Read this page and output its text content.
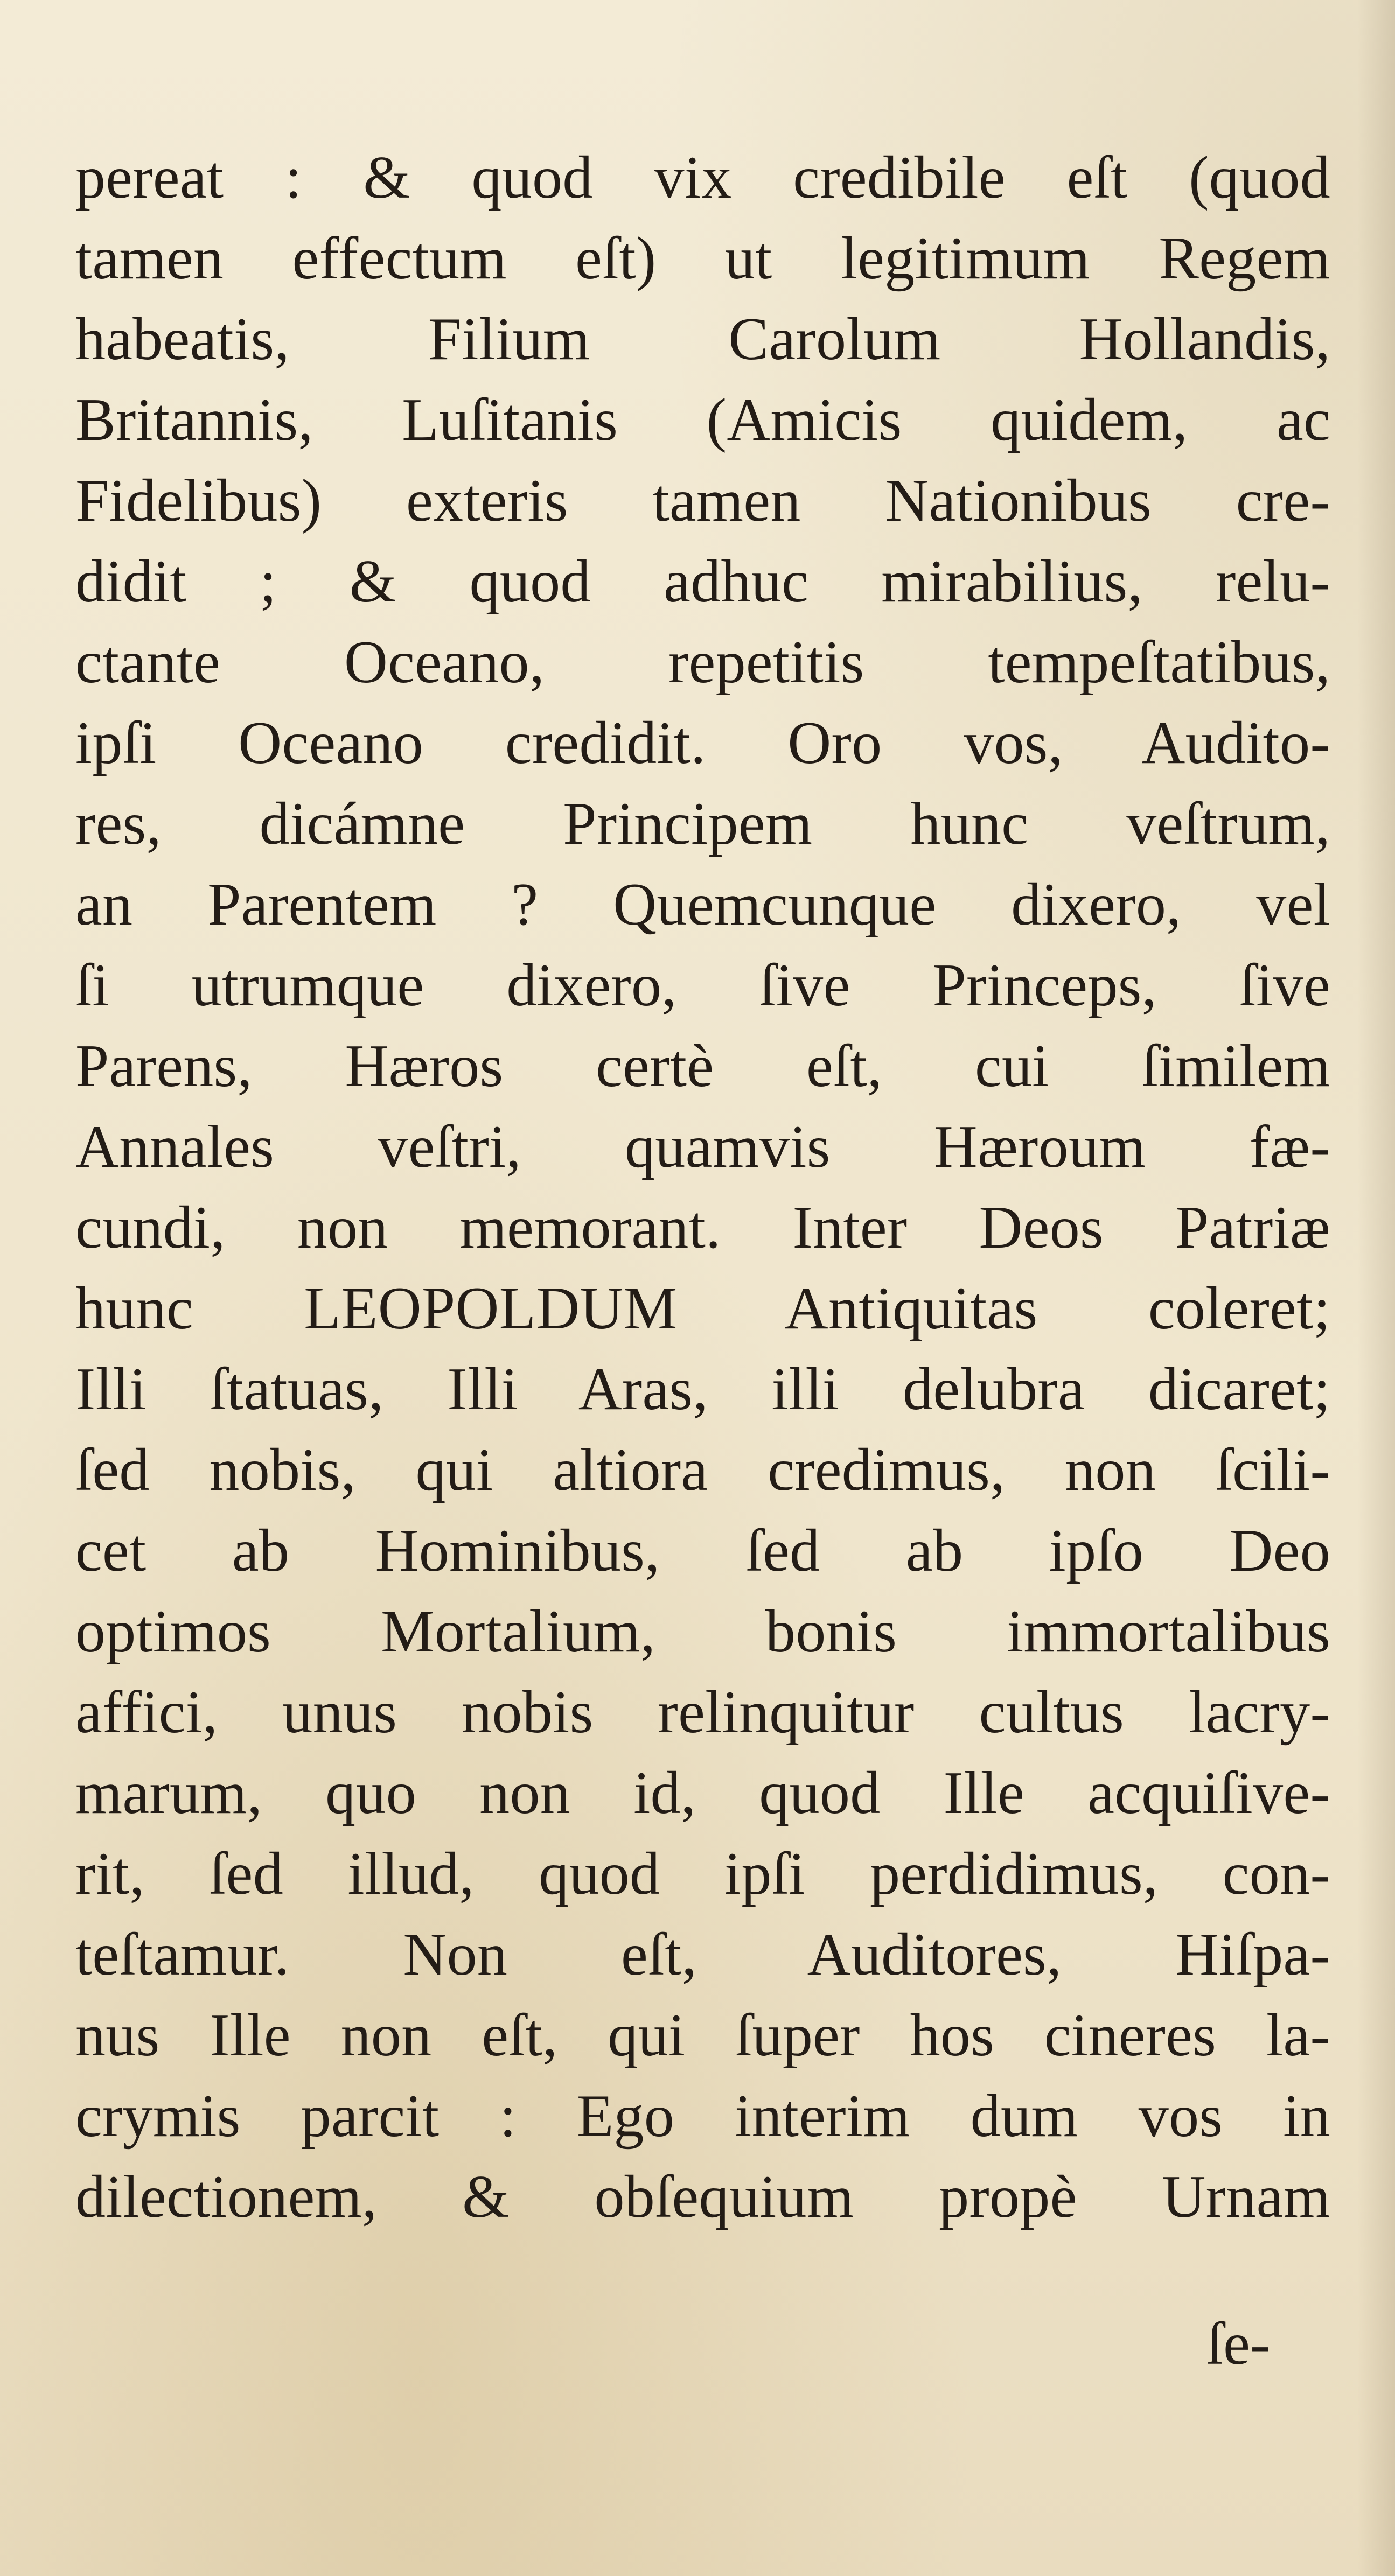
pereat : & quod vix credibile eſt (quod
tamen effectum eſt) ut legitimum Regem
habeatis, Filium Carolum Hollandis,
Britannis, Luſitanis (Amicis quidem, ac
Fidelibus) exteris tamen Nationibus cre-
didit ; & quod adhuc mirabilius, relu-
ctante Oceano, repetitis tempeſtatibus,
ipſi Oceano credidit. Oro vos, Audito-
res, dicámne Principem hunc veſtrum,
an Parentem ? Quemcunque dixero, vel
ſi utrumque dixero, ſive Princeps, ſive
Parens, Hæros certè eſt, cui ſimilem
Annales veſtri, quamvis Hæroum fæ-
cundi, non memorant. Inter Deos Patriæ
hunc LEOPOLDUM Antiquitas coleret;
Illi ſtatuas, Illi Aras, illi delubra dicaret;
ſed nobis, qui altiora credimus, non ſcili-
cet ab Hominibus, ſed ab ipſo Deo
optimos Mortalium, bonis immortalibus
affici, unus nobis relinquitur cultus lacry-
marum, quo non id, quod Ille acquiſive-
rit, ſed illud, quod ipſi perdidimus, con-
teſtamur. Non eſt, Auditores, Hiſpa-
nus Ille non eſt, qui ſuper hos cineres la-
crymis parcit : Ego interim dum vos in
dilectionem, & obſequium propè Urnam
ſe-
